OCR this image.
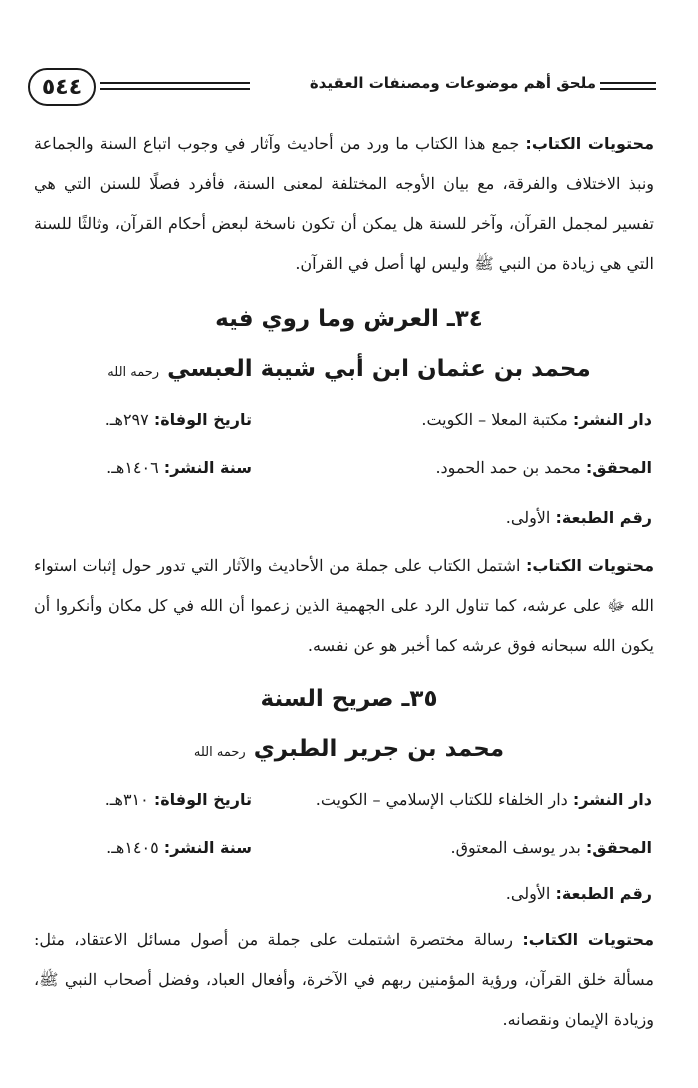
٥٤٤	ملحق أهم موضوعات ومصنفات العقيدة
محتويات الكتاب: جمع هذا الكتاب ما ورد من أحاديث وآثار في وجوب اتباع السنة والجماعة ونبذ الاختلاف والفرقة، مع بيان الأوجه المختلفة لمعنى السنة، فأفرد فصلًا للسنن التي هي تفسير لمجمل القرآن، وآخر للسنة هل يمكن أن تكون ناسخة لبعض أحكام القرآن، وثالثًا للسنة التي هي زيادة من النبي ﷺ وليس لها أصل في القرآن.
٣٤ـ العرش وما روي فيه
محمد بن عثمان ابن أبي شيبة العبسي رحمه الله
دار النشر: مكتبة المعلا – الكويت.
تاريخ الوفاة: ٢٩٧هـ.
المحقق: محمد بن حمد الحمود.
سنة النشر: ١٤٠٦هـ.
رقم الطبعة: الأولى.
محتويات الكتاب: اشتمل الكتاب على جملة من الأحاديث والآثار التي تدور حول إثبات استواء الله ﷻ على عرشه، كما تناول الرد على الجهمية الذين زعموا أن الله في كل مكان وأنكروا أن يكون الله سبحانه فوق عرشه كما أخبر هو عن نفسه.
٣٥ـ صريح السنة
محمد بن جرير الطبري رحمه الله
دار النشر: دار الخلفاء للكتاب الإسلامي – الكويت.
تاريخ الوفاة: ٣١٠هـ.
المحقق: بدر يوسف المعتوق.
سنة النشر: ١٤٠٥هـ.
رقم الطبعة: الأولى.
محتويات الكتاب: رسالة مختصرة اشتملت على جملة من أصول مسائل الاعتقاد، مثل: مسألة خلق القرآن، ورؤية المؤمنين ربهم في الآخرة، وأفعال العباد، وفضل أصحاب النبي ﷺ، وزيادة الإيمان ونقصانه.
